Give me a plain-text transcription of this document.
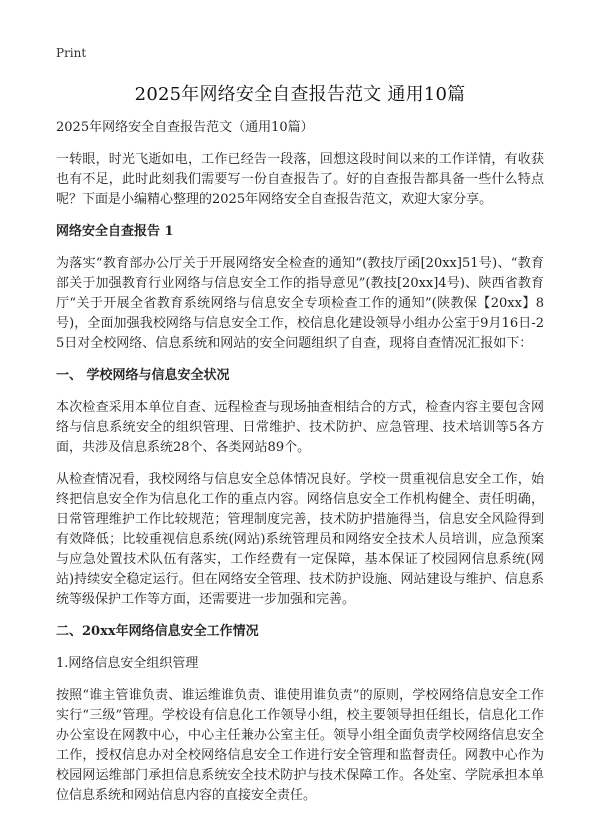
Print
2025年网络安全自查报告范文 通用10篇
2025年网络安全自查报告范文（通用10篇）

一转眼，时光飞逝如电，工作已经告一段落，回想这段时间以来的工作详情，有收获也有不足，此时此刻我们需要写一份自查报告了。好的自查报告都具备一些什么特点呢？下面是小编精心整理的2025年网络安全自查报告范文，欢迎大家分享。

网络安全自查报告 1

为落实“教育部办公厅关于开展网络安全检查的通知”(教技厅函[20xx]51号)、“教育部关于加强教育行业网络与信息安全工作的指导意见”(教技[20xx]4号)、陕西省教育厅“关于开展全省教育系统网络与信息安全专项检查工作的通知”(陕教保【20xx】8号)，全面加强我校网络与信息安全工作，校信息化建设领导小组办公室于9月16日-25日对全校网络、信息系统和网站的安全问题组织了自查，现将自查情况汇报如下：

一、 学校网络与信息安全状况

本次检查采用本单位自查、远程检查与现场抽查相结合的方式，检查内容主要包含网络与信息系统安全的组织管理、日常维护、技术防护、应急管理、技术培训等5各方面，共涉及信息系统28个、各类网站89个。

从检查情况看，我校网络与信息安全总体情况良好。学校一贯重视信息安全工作，始终把信息安全作为信息化工作的重点内容。网络信息安全工作机构健全、责任明确，日常管理维护工作比较规范；管理制度完善，技术防护措施得当，信息安全风险得到有效降低；比较重视信息系统(网站)系统管理员和网络安全技术人员培训，应急预案与应急处置技术队伍有落实，工作经费有一定保障，基本保证了校园网信息系统(网站)持续安全稳定运行。但在网络安全管理、技术防护设施、网站建设与维护、信息系统等级保护工作等方面，还需要进一步加强和完善。

二、20xx年网络信息安全工作情况
1.网络信息安全组织管理

按照“谁主管谁负责、谁运维谁负责、谁使用谁负责”的原则，学校网络信息安全工作实行“三级”管理。学校设有信息化工作领导小组，校主要领导担任组长，信息化工作办公室设在网教中心，中心主任兼办公室主任。领导小组全面负责学校网络信息安全工作，授权信息办对全校网络信息安全工作进行安全管理和监督责任。网教中心作为校园网运维部门承担信息系统安全技术防护与技术保障工作。各处室、学院承担本单位信息系统和网站信息内容的直接安全责任。
